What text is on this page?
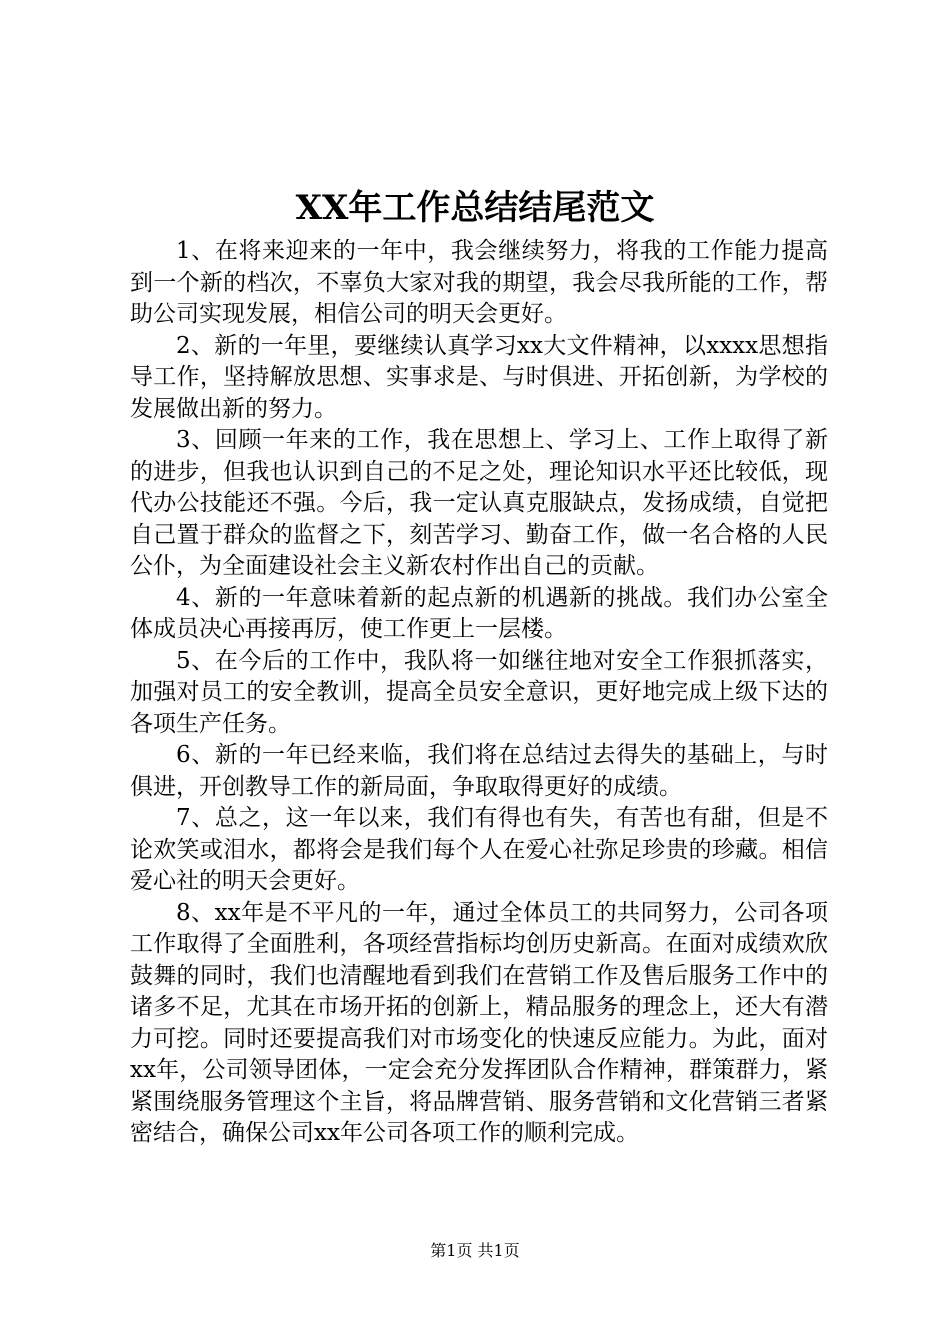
XX年工作总结结尾范文

1、在将来迎来的一年中，我会继续努力，将我的工作能力提高到一个新的档次，不辜负大家对我的期望，我会尽我所能的工作，帮助公司实现发展，相信公司的明天会更好。

2、新的一年里，要继续认真学习xx大文件精神，以xxxx思想指导工作，坚持解放思想、实事求是、与时俱进、开拓创新，为学校的发展做出新的努力。

3、回顾一年来的工作，我在思想上、学习上、工作上取得了新的进步，但我也认识到自己的不足之处，理论知识水平还比较低，现代办公技能还不强。今后，我一定认真克服缺点，发扬成绩，自觉把自己置于群众的监督之下，刻苦学习、勤奋工作，做一名合格的人民公仆，为全面建设社会主义新农村作出自己的贡献。

4、新的一年意味着新的起点新的机遇新的挑战。我们办公室全体成员决心再接再厉，使工作更上一层楼。

5、在今后的工作中，我队将一如继往地对安全工作狠抓落实，加强对员工的安全教训，提高全员安全意识，更好地完成上级下达的各项生产任务。

6、新的一年已经来临，我们将在总结过去得失的基础上，与时俱进，开创教导工作的新局面，争取取得更好的成绩。

7、总之，这一年以来，我们有得也有失，有苦也有甜，但是不论欢笑或泪水，都将会是我们每个人在爱心社弥足珍贵的珍藏。相信爱心社的明天会更好。

8、xx年是不平凡的一年，通过全体员工的共同努力，公司各项工作取得了全面胜利，各项经营指标均创历史新高。在面对成绩欢欣鼓舞的同时，我们也清醒地看到我们在营销工作及售后服务工作中的诸多不足，尤其在市场开拓的创新上，精品服务的理念上，还大有潜力可挖。同时还要提高我们对市场变化的快速反应能力。为此，面对xx年，公司领导团体，一定会充分发挥团队合作精神，群策群力，紧紧围绕服务管理这个主旨，将品牌营销、服务营销和文化营销三者紧密结合，确保公司xx年公司各项工作的顺利完成。

第1页 共1页
